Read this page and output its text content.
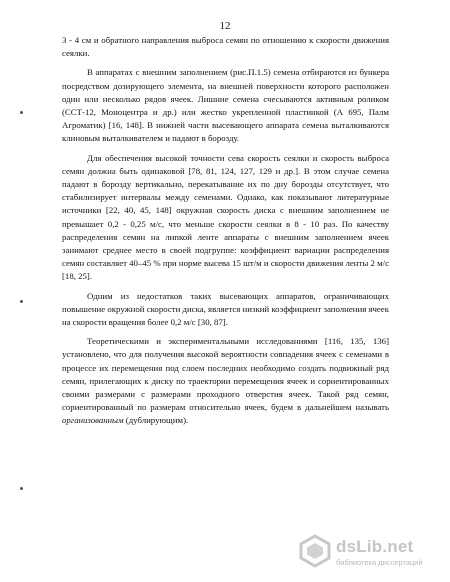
12

3 - 4 см и обратного направления выброса семян по отношению к скорости движения сеялки.

В аппаратах с внешним заполнением (рис.П.1.5) семена отбираются из бункера посредством дозирующего элемента, на внешней поверхности которого расположен один или несколько рядов ячеек. Лишние семена счесываются активным роликом (ССТ-12, Моноцентра и др.) или жестко укрепленной пластинкой (А 695, Палм Агроматик) [16, 148]. В нижней части высевающего аппарата семена выталкиваются клиновым выталкивателем и падают в борозду.

Для обеспечения высокой точности сева скорость сеялки и скорость выброса семян должна быть одинаковой [78, 81, 124, 127, 129 и др.]. В этом случае семена падают в борозду вертикально, перекатывание их по дну борозды отсутствует, что стабилизирует интервалы между семенами. Однако, как показывают литературные источники [22, 40, 45, 148] окружная скорость диска с внешним заполнением не превышает 0,2 - 0,25 м/с, что меньше скорости сеялки в 8 - 10 раз. По качеству распределения семян на липкой ленте аппараты с внешним заполнением ячеек занимают среднее место в своей подгруппе: коэффициент вариации распределения семян составляет 40–45 % при норме высева 15 шт/м и скорости движения ленты 2 м/с [18, 25].

Одним из недостатков таких высевающих аппаратов, ограничивающих повышение окружной скорости диска, является низкий коэффициент заполнения ячеек на скорости вращения более 0,2 м/с [30, 87].

Теоретическими и экспериментальными исследованиями [116, 135, 136] установлено, что для получения высокой вероятности совпадения ячеек с семенами в процессе их перемещения под слоем последних необходимо создать подвижный ряд семян, прилегающих к диску по траектории перемещения ячеек и сориентированных своими размерами с размерами проходного отверстия ячеек. Такой ряд семян, сориентированный по размерам относительно ячеек, будем в дальнейшем называть организованным (дублирующим).

dsLib.net
библиотека диссертаций
